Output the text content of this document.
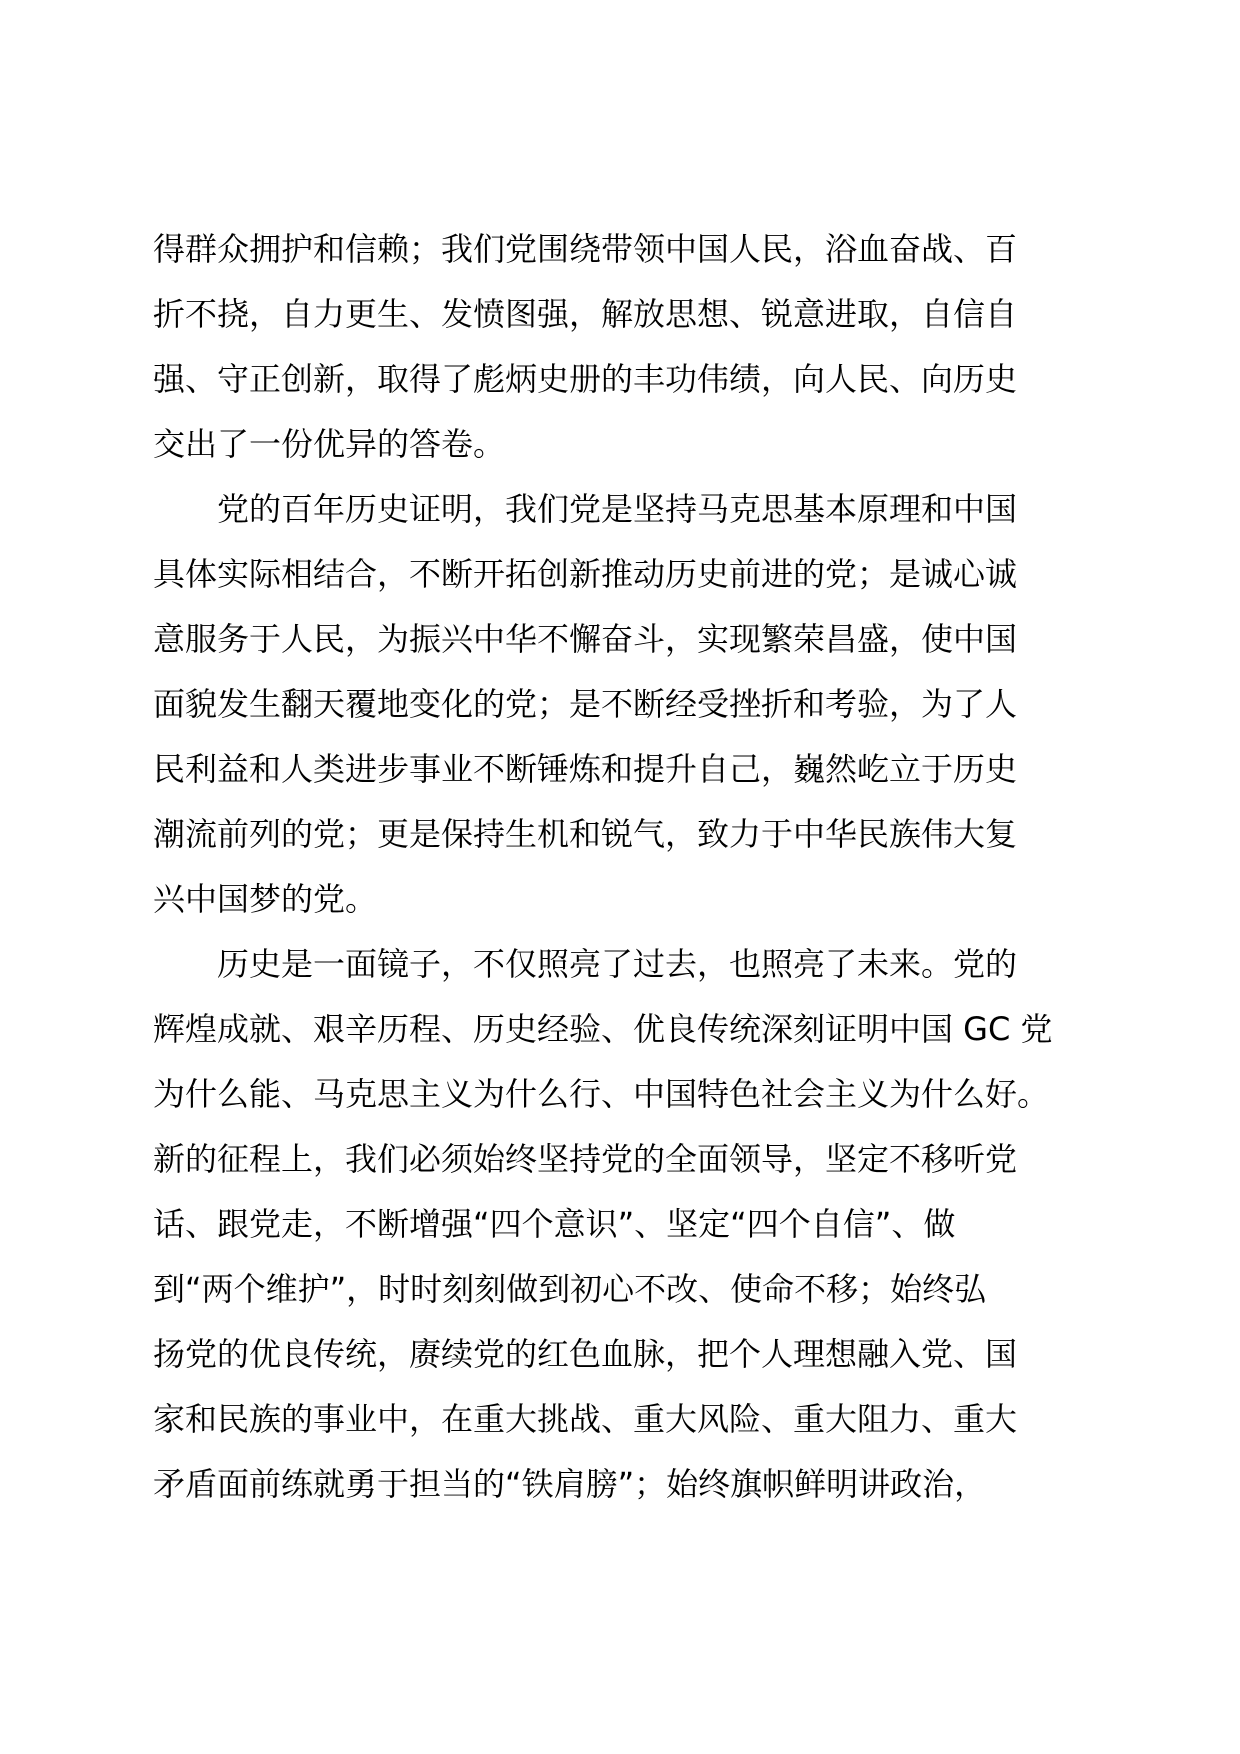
得群众拥护和信赖；我们党围绕带领中国人民，浴血奋战、百
折不挠，自力更生、发愤图强，解放思想、锐意进取，自信自
强、守正创新，取得了彪炳史册的丰功伟绩，向人民、向历史
交出了一份优异的答卷。
党的百年历史证明，我们党是坚持马克思基本原理和中国
具体实际相结合，不断开拓创新推动历史前进的党；是诚心诚
意服务于人民，为振兴中华不懈奋斗，实现繁荣昌盛，使中国
面貌发生翻天覆地变化的党；是不断经受挫折和考验，为了人
民利益和人类进步事业不断锤炼和提升自己，巍然屹立于历史
潮流前列的党；更是保持生机和锐气，致力于中华民族伟大复
兴中国梦的党。
历史是一面镜子，不仅照亮了过去，也照亮了未来。党的
辉煌成就、艰辛历程、历史经验、优良传统深刻证明中国 GC 党
为什么能、马克思主义为什么行、中国特色社会主义为什么好。
新的征程上，我们必须始终坚持党的全面领导，坚定不移听党
话、跟党走，不断增强“四个意识”、坚定“四个自信”、做
到“两个维护”，时时刻刻做到初心不改、使命不移；始终弘
扬党的优良传统，赓续党的红色血脉，把个人理想融入党、国
家和民族的事业中，在重大挑战、重大风险、重大阻力、重大
矛盾面前练就勇于担当的“铁肩膀”；始终旗帜鲜明讲政治，
